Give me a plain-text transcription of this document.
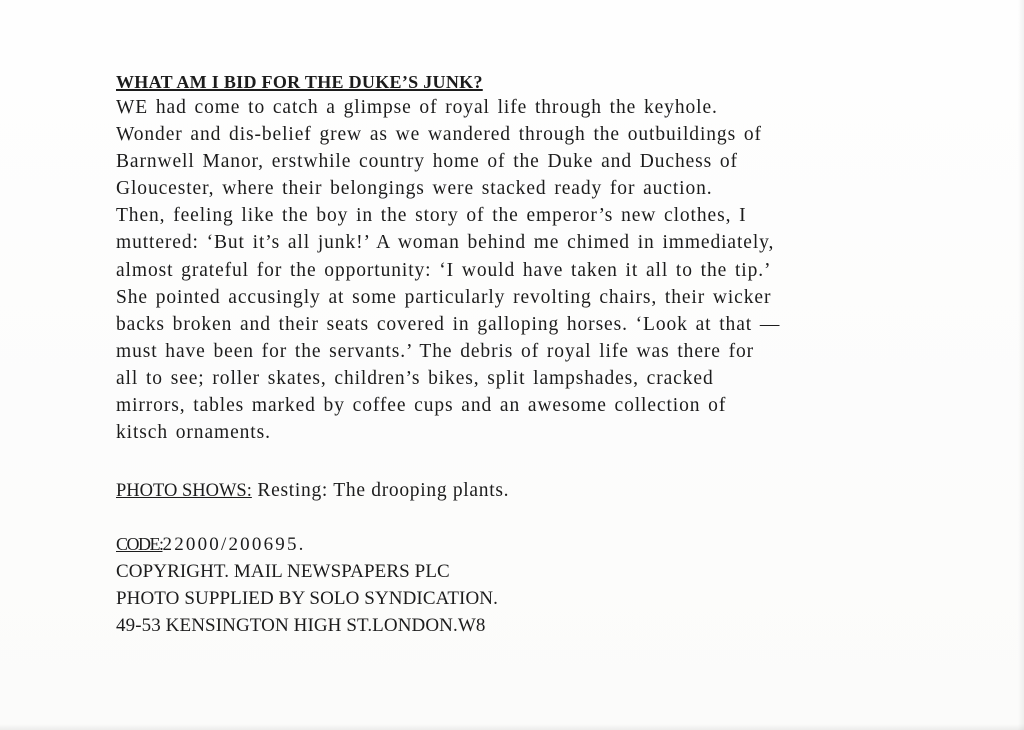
WHAT AM I BID FOR THE DUKE’S JUNK?

WE had come to catch a glimpse of royal life through the keyhole.
Wonder and dis-belief grew as we wandered through the outbuildings of
Barnwell Manor, erstwhile country home of the Duke and Duchess of
Gloucester, where their belongings were stacked ready for auction.
Then, feeling like the boy in the story of the emperor’s new clothes, I
muttered: ‘But it’s all junk!’ A woman behind me chimed in immediately,
almost grateful for the opportunity: ‘I would have taken it all to the tip.’
She pointed accusingly at some particularly revolting chairs, their wicker
backs broken and their seats covered in galloping horses. ‘Look at that —
must have been for the servants.’ The debris of royal life was there for
all to see; roller skates, children’s bikes, split lampshades, cracked
mirrors, tables marked by coffee cups and an awesome collection of
kitsch ornaments.

PHOTO SHOWS: Resting: The drooping plants.
CODE:22000/200695.
COPYRIGHT. MAIL NEWSPAPERS PLC
PHOTO SUPPLIED BY SOLO SYNDICATION.
49-53 KENSINGTON HIGH ST.LONDON.W8
